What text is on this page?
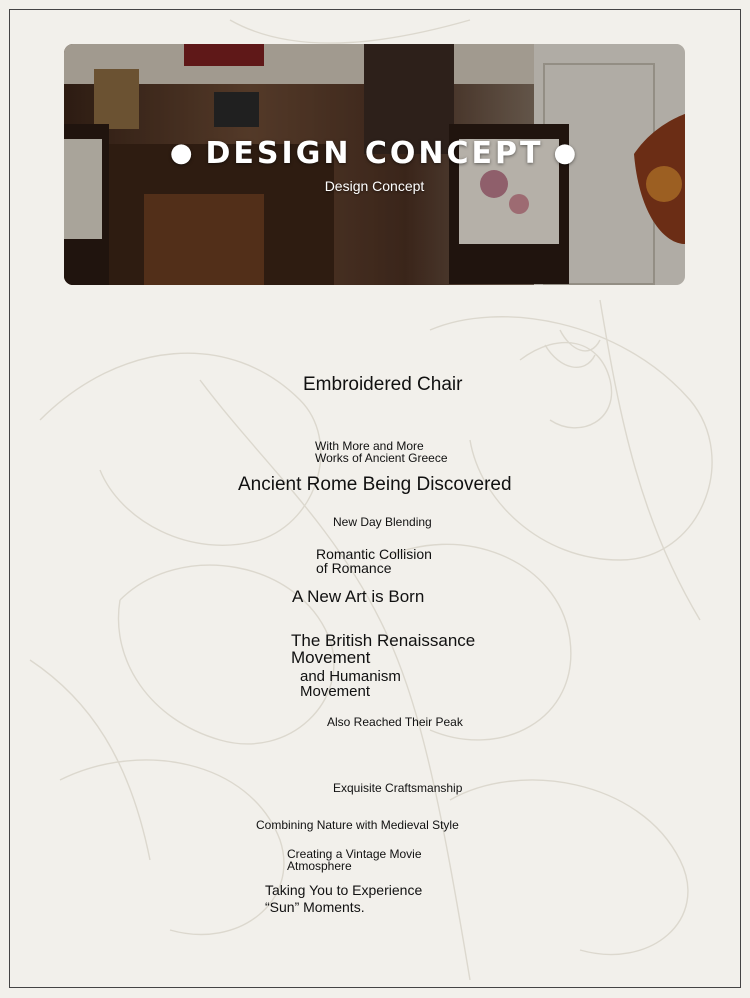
● DESIGN CONCEPT ●
Design Concept
Embroidered Chair
With More and More
Works of Ancient Greece
Ancient Rome Being Discovered
New Day Blending
Romantic Collision
of Romance
A New Art is Born
The British Renaissance
Movement
and Humanism
Movement
Also Reached Their Peak
Exquisite Craftsmanship
Combining Nature with Medieval Style
Creating a Vintage Movie
Atmosphere
Taking You to Experience
“Sun” Moments.
